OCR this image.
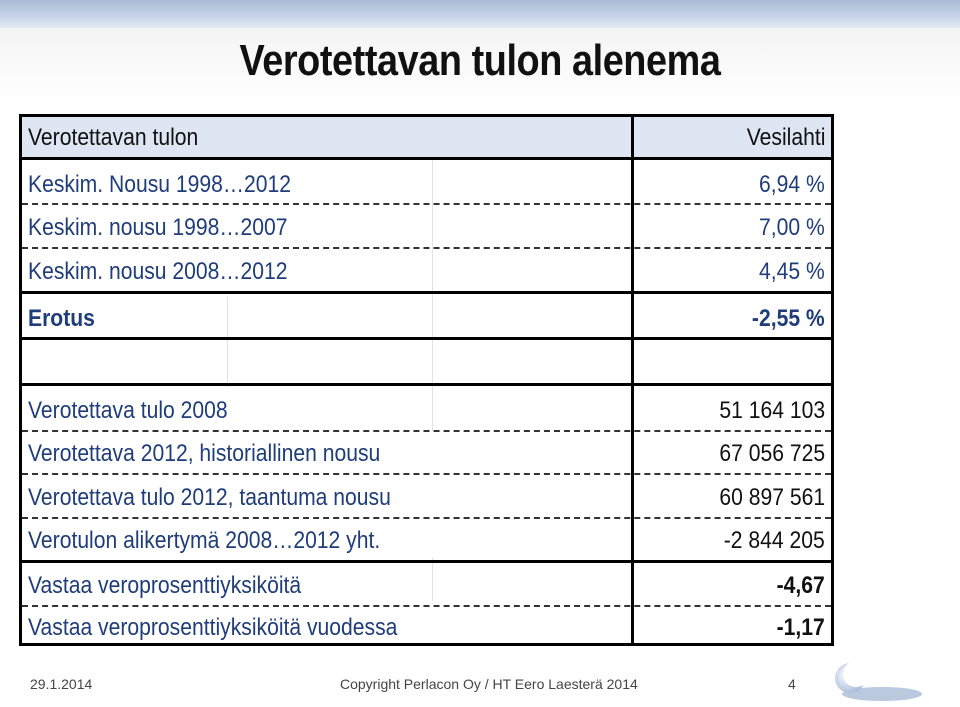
Verotettavan tulon alenema
Verotettavan tulon	Vesilahti
Keskim. Nousu 1998…2012	6,94 %
Keskim. nousu 1998…2007	7,00 %
Keskim. nousu 2008…2012	4,45 %
Erotus	-2,55 %
Verotettava tulo 2008	51 164 103
Verotettava 2012, historiallinen nousu	67 056 725
Verotettava tulo 2012, taantuma nousu	60 897 561
Verotulon alikertymä 2008…2012 yht.	-2 844 205
Vastaa veroprosenttiyksiköitä	-4,67
Vastaa veroprosenttiyksiköitä vuodessa	-1,17
29.1.2014	Copyright Perlacon Oy / HT Eero Laesterä 2014	4
